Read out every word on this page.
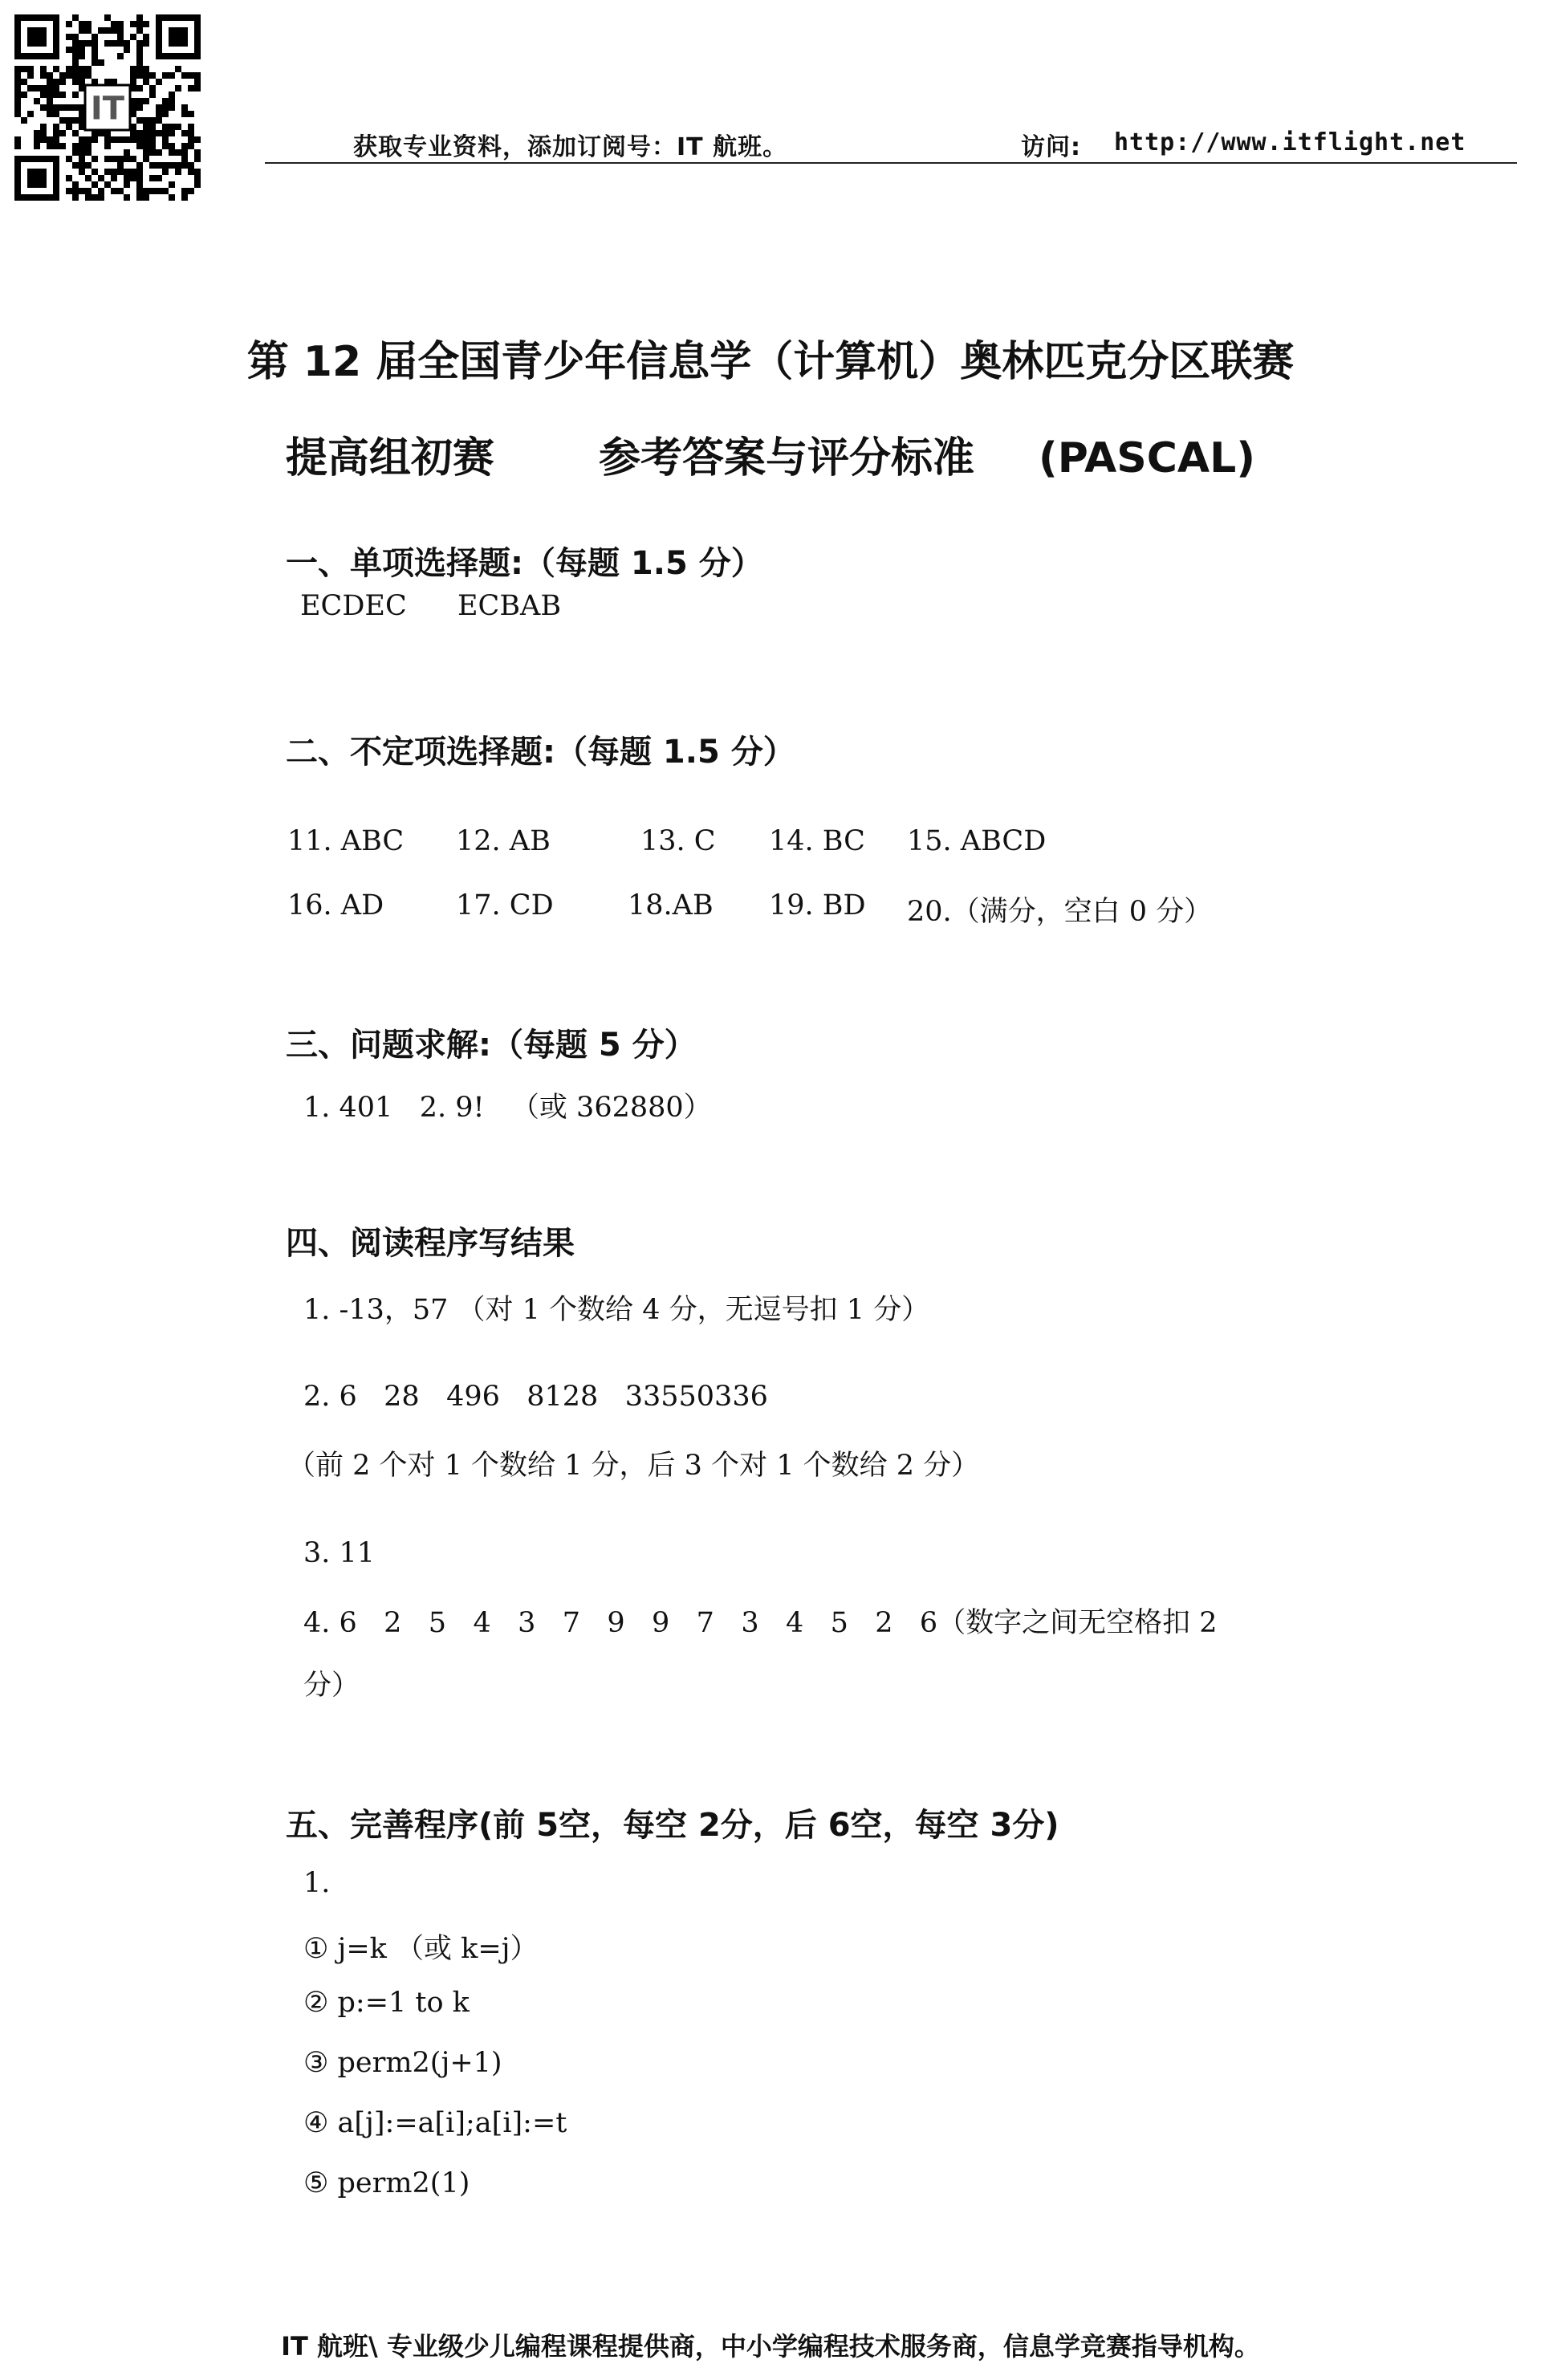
IT
获取专业资料，添加订阅号：IT 航班。	访问: http://www.itflight.net
第 12 届全国青少年信息学（计算机）奥林匹克分区联赛
提高组初赛	参考答案与评分标准 (PASCAL)
一、单项选择题:（每题 1.5 分）
ECDEC ECBAB
二、不定项选择题:（每题 1.5 分）
11. ABC 12. AB	13. C 14. BC 15. ABCD
16. AD	17. CD	18.AB 19. BD 20.（满分，空白 0 分）
三、问题求解:（每题 5 分）
1. 401   2. 9!   （或 362880）
四、阅读程序写结果
1. -13，57 （对 1 个数给 4 分，无逗号扣 1 分）
2. 6   28   496   8128   33550336
（前 2 个对 1 个数给 1 分，后 3 个对 1 个数给 2 分）
3. 11
4. 6   2   5   4   3   7   9   9   7   3   4   5   2   6（数字之间无空格扣 2
分）
五、完善程序(前 5空，每空 2分，后 6空，每空 3分)
1.
① j=k （或 k=j）
② p:=1 to k
③ perm2(j+1)
④ a[j]:=a[i];a[i]:=t
⑤ perm2(1)
IT 航班\ 专业级少儿编程课程提供商，中小学编程技术服务商，信息学竞赛指导机构。
